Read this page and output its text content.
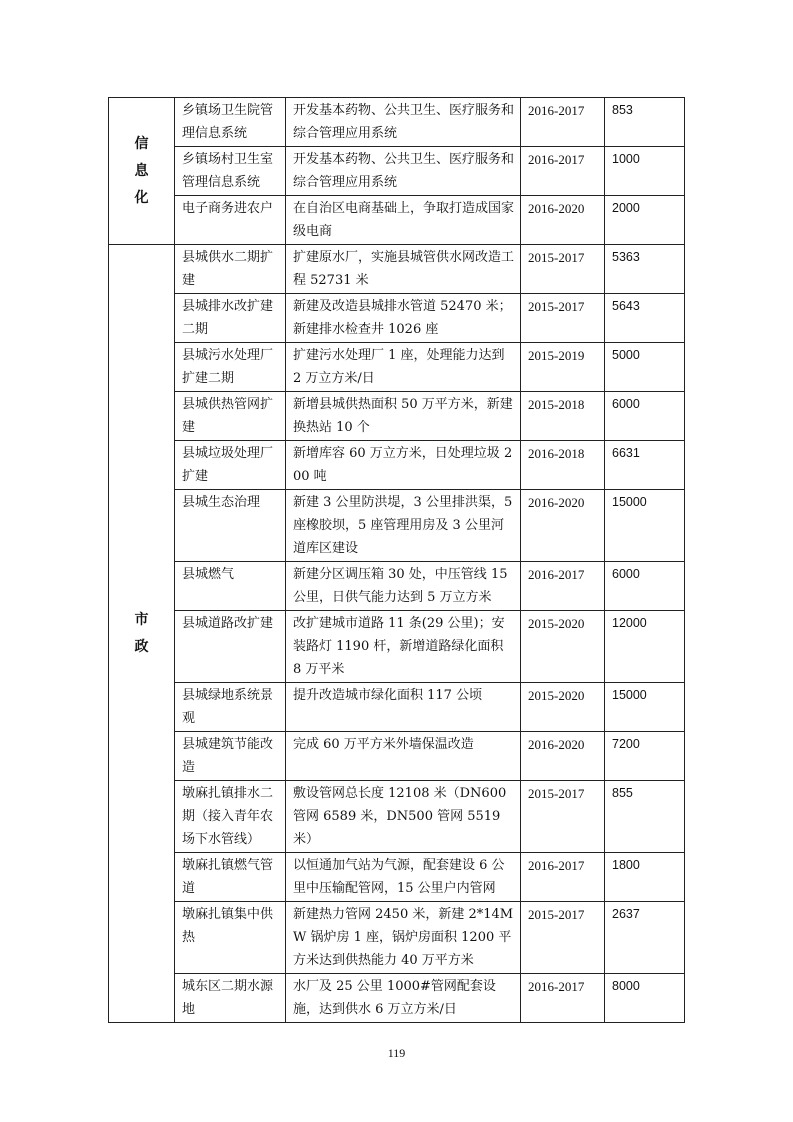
信息化	乡镇场卫生院管理信息系统	开发基本药物、公共卫生、医疗服务和综合管理应用系统	2016-2017	853
	乡镇场村卫生室管理信息系统	开发基本药物、公共卫生、医疗服务和综合管理应用系统	2016-2017	1000
	电子商务进农户	在自治区电商基础上，争取打造成国家级电商	2016-2020	2000
市政	县城供水二期扩建	扩建原水厂，实施县城管供水网改造工程 52731 米	2015-2017	5363
	县城排水改扩建二期	新建及改造县城排水管道 52470 米；新建排水检查井 1026 座	2015-2017	5643
	县城污水处理厂扩建二期	扩建污水处理厂 1 座，处理能力达到 2 万立方米/日	2015-2019	5000
	县城供热管网扩建	新增县城供热面积 50 万平方米，新建换热站 10 个	2015-2018	6000
	县城垃圾处理厂扩建	新增库容 60 万立方米，日处理垃圾 200 吨	2016-2018	6631
	县城生态治理	新建 3 公里防洪堤，3 公里排洪渠，5 座橡胶坝，5 座管理用房及 3 公里河道库区建设	2016-2020	15000
	县城燃气	新建分区调压箱 30 处，中压管线 15 公里，日供气能力达到 5 万立方米	2016-2017	6000
	县城道路改扩建	改扩建城市道路 11 条(29 公里)；安装路灯 1190 杆，新增道路绿化面积 8 万平米	2015-2020	12000
	县城绿地系统景观	提升改造城市绿化面积 117 公顷	2015-2020	15000
	县城建筑节能改造	完成 60 万平方米外墙保温改造	2016-2020	7200
	墩麻扎镇排水二期（接入青年农场下水管线）	敷设管网总长度 12108 米（DN600 管网 6589 米，DN500 管网 5519 米）	2015-2017	855
	墩麻扎镇燃气管道	以恒通加气站为气源，配套建设 6 公里中压输配管网，15 公里户内管网	2016-2017	1800
	墩麻扎镇集中供热	新建热力管网 2450 米，新建 2*14MW 锅炉房 1 座，锅炉房面积 1200 平方米达到供热能力 40 万平方米	2015-2017	2637
	城东区二期水源地	水厂及 25 公里 1000#管网配套设施，达到供水 6 万立方米/日	2016-2017	8000
119
